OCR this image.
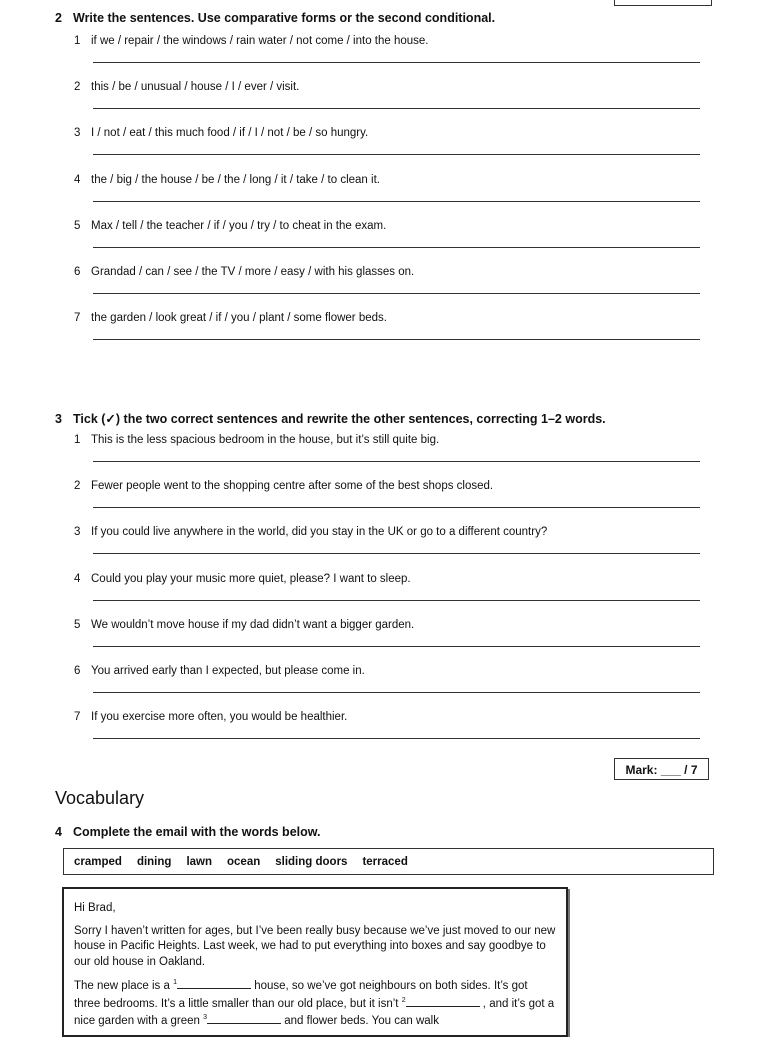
2 Write the sentences. Use comparative forms or the second conditional.
1 if we / repair / the windows / rain water / not come / into the house.
2 this / be / unusual / house / I / ever / visit.
3 I / not / eat / this much food / if / I / not / be / so hungry.
4 the / big / the house / be / the / long / it / take / to clean it.
5 Max / tell / the teacher / if / you / try / to cheat in the exam.
6 Grandad / can / see / the TV / more / easy / with his glasses on.
7 the garden / look great / if / you / plant / some flower beds.
3 Tick (✓) the two correct sentences and rewrite the other sentences, correcting 1–2 words.
1 This is the less spacious bedroom in the house, but it’s still quite big.
2 Fewer people went to the shopping centre after some of the best shops closed.
3 If you could live anywhere in the world, did you stay in the UK or go to a different country?
4 Could you play your music more quiet, please? I want to sleep.
5 We wouldn’t move house if my dad didn’t want a bigger garden.
6 You arrived early than I expected, but please come in.
7 If you exercise more often, you would be healthier.
Mark: ___ / 7
Vocabulary
4 Complete the email with the words below.
cramped dining lawn ocean sliding doors terraced

Hi Brad,

Sorry I haven’t written for ages, but I’ve been really busy because we’ve just moved to our new house in Pacific Heights. Last week, we had to put everything into boxes and say goodbye to our old house in Oakland.

The new place is a $^1$	house, so we’ve got neighbours on both sides. It’s got three bedrooms. It’s a little smaller than our old place, but it isn’t $^2$	, and it’s got a nice garden with a green $^3$	and flower beds. You can walk
